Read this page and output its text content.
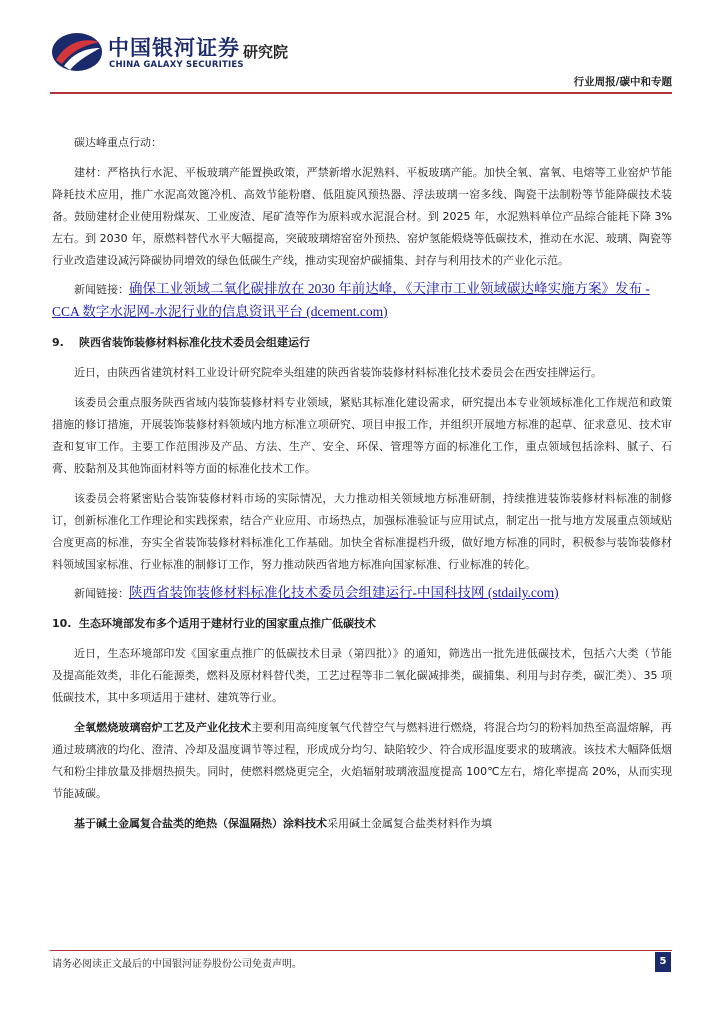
中国银河证券
CHINA GALAXY SECURITIES
研究院
行业周报/碳中和专题

碳达峰重点行动：

建材：严格执行水泥、平板玻璃产能置换政策，严禁新增水泥熟料、平板玻璃产能。加快全氧、富氧、电熔等工业窑炉节能降耗技术应用，推广水泥高效篦冷机、高效节能粉磨、低阻旋风预热器、浮法玻璃一窑多线、陶瓷干法制粉等节能降碳技术装备。鼓励建材企业使用粉煤灰、工业废渣、尾矿渣等作为原料或水泥混合材。到 2025 年，水泥熟料单位产品综合能耗下降 3%左右。到 2030 年，原燃料替代水平大幅提高，突破玻璃熔窑窑外预热、窑炉氢能煅烧等低碳技术，推动在水泥、玻璃、陶瓷等行业改造建设减污降碳协同增效的绿色低碳生产线，推动实现窑炉碳捕集、封存与利用技术的产业化示范。

新闻链接：确保工业领域二氧化碳排放在 2030 年前达峰，《天津市工业领域碳达峰实施方案》发布 - CCA 数字水泥网-水泥行业的信息资讯平台 (dcement.com)
9. 陕西省装饰装修材料标准化技术委员会组建运行

近日，由陕西省建筑材料工业设计研究院牵头组建的陕西省装饰装修材料标准化技术委员会在西安挂牌运行。

该委员会重点服务陕西省域内装饰装修材料专业领域，紧贴其标准化建设需求，研究提出本专业领域标准化工作规范和政策措施的修订措施，开展装饰装修材料领域内地方标准立项研究、项目申报工作，并组织开展地方标准的起草、征求意见、技术审查和复审工作。主要工作范围涉及产品、方法、生产、安全、环保、管理等方面的标准化工作，重点领域包括涂料、腻子、石膏、胶黏剂及其他饰面材料等方面的标准化技术工作。

该委员会将紧密贴合装饰装修材料市场的实际情况，大力推动相关领域地方标准研制，持续推进装饰装修材料标准的制修订，创新标准化工作理论和实践探索，结合产业应用、市场热点，加强标准验证与应用试点，制定出一批与地方发展重点领域贴合度更高的标准，夯实全省装饰装修材料标准化工作基础。加快全省标准提档升级，做好地方标准的同时，积极参与装饰装修材料领域国家标准、行业标准的制修订工作，努力推动陕西省地方标准向国家标准、行业标准的转化。

新闻链接：陕西省装饰装修材料标准化技术委员会组建运行-中国科技网 (stdaily.com)
10. 生态环境部发布多个适用于建材行业的国家重点推广低碳技术

近日，生态环境部印发《国家重点推广的低碳技术目录（第四批）》的通知，筛选出一批先进低碳技术，包括六大类（节能及提高能效类，非化石能源类，燃料及原材料替代类，工艺过程等非二氧化碳减排类，碳捕集、利用与封存类，碳汇类）、35 项低碳技术，其中多项适用于建材、建筑等行业。

全氧燃烧玻璃窑炉工艺及产业化技术主要利用高纯度氧气代替空气与燃料进行燃烧，将混合均匀的粉料加热至高温熔解，再通过玻璃液的均化、澄清、冷却及温度调节等过程，形成成分均匀、缺陷较少、符合成形温度要求的玻璃液。该技术大幅降低烟气和粉尘排放量及排烟热损失。同时，使燃料燃烧更完全，火焰辐射玻璃液温度提高 100℃左右，熔化率提高 20%，从而实现节能减碳。

基于碱土金属复合盐类的绝热（保温隔热）涂料技术采用碱土金属复合盐类材料作为填

请务必阅读正文最后的中国银河证券股份公司免责声明。	5
